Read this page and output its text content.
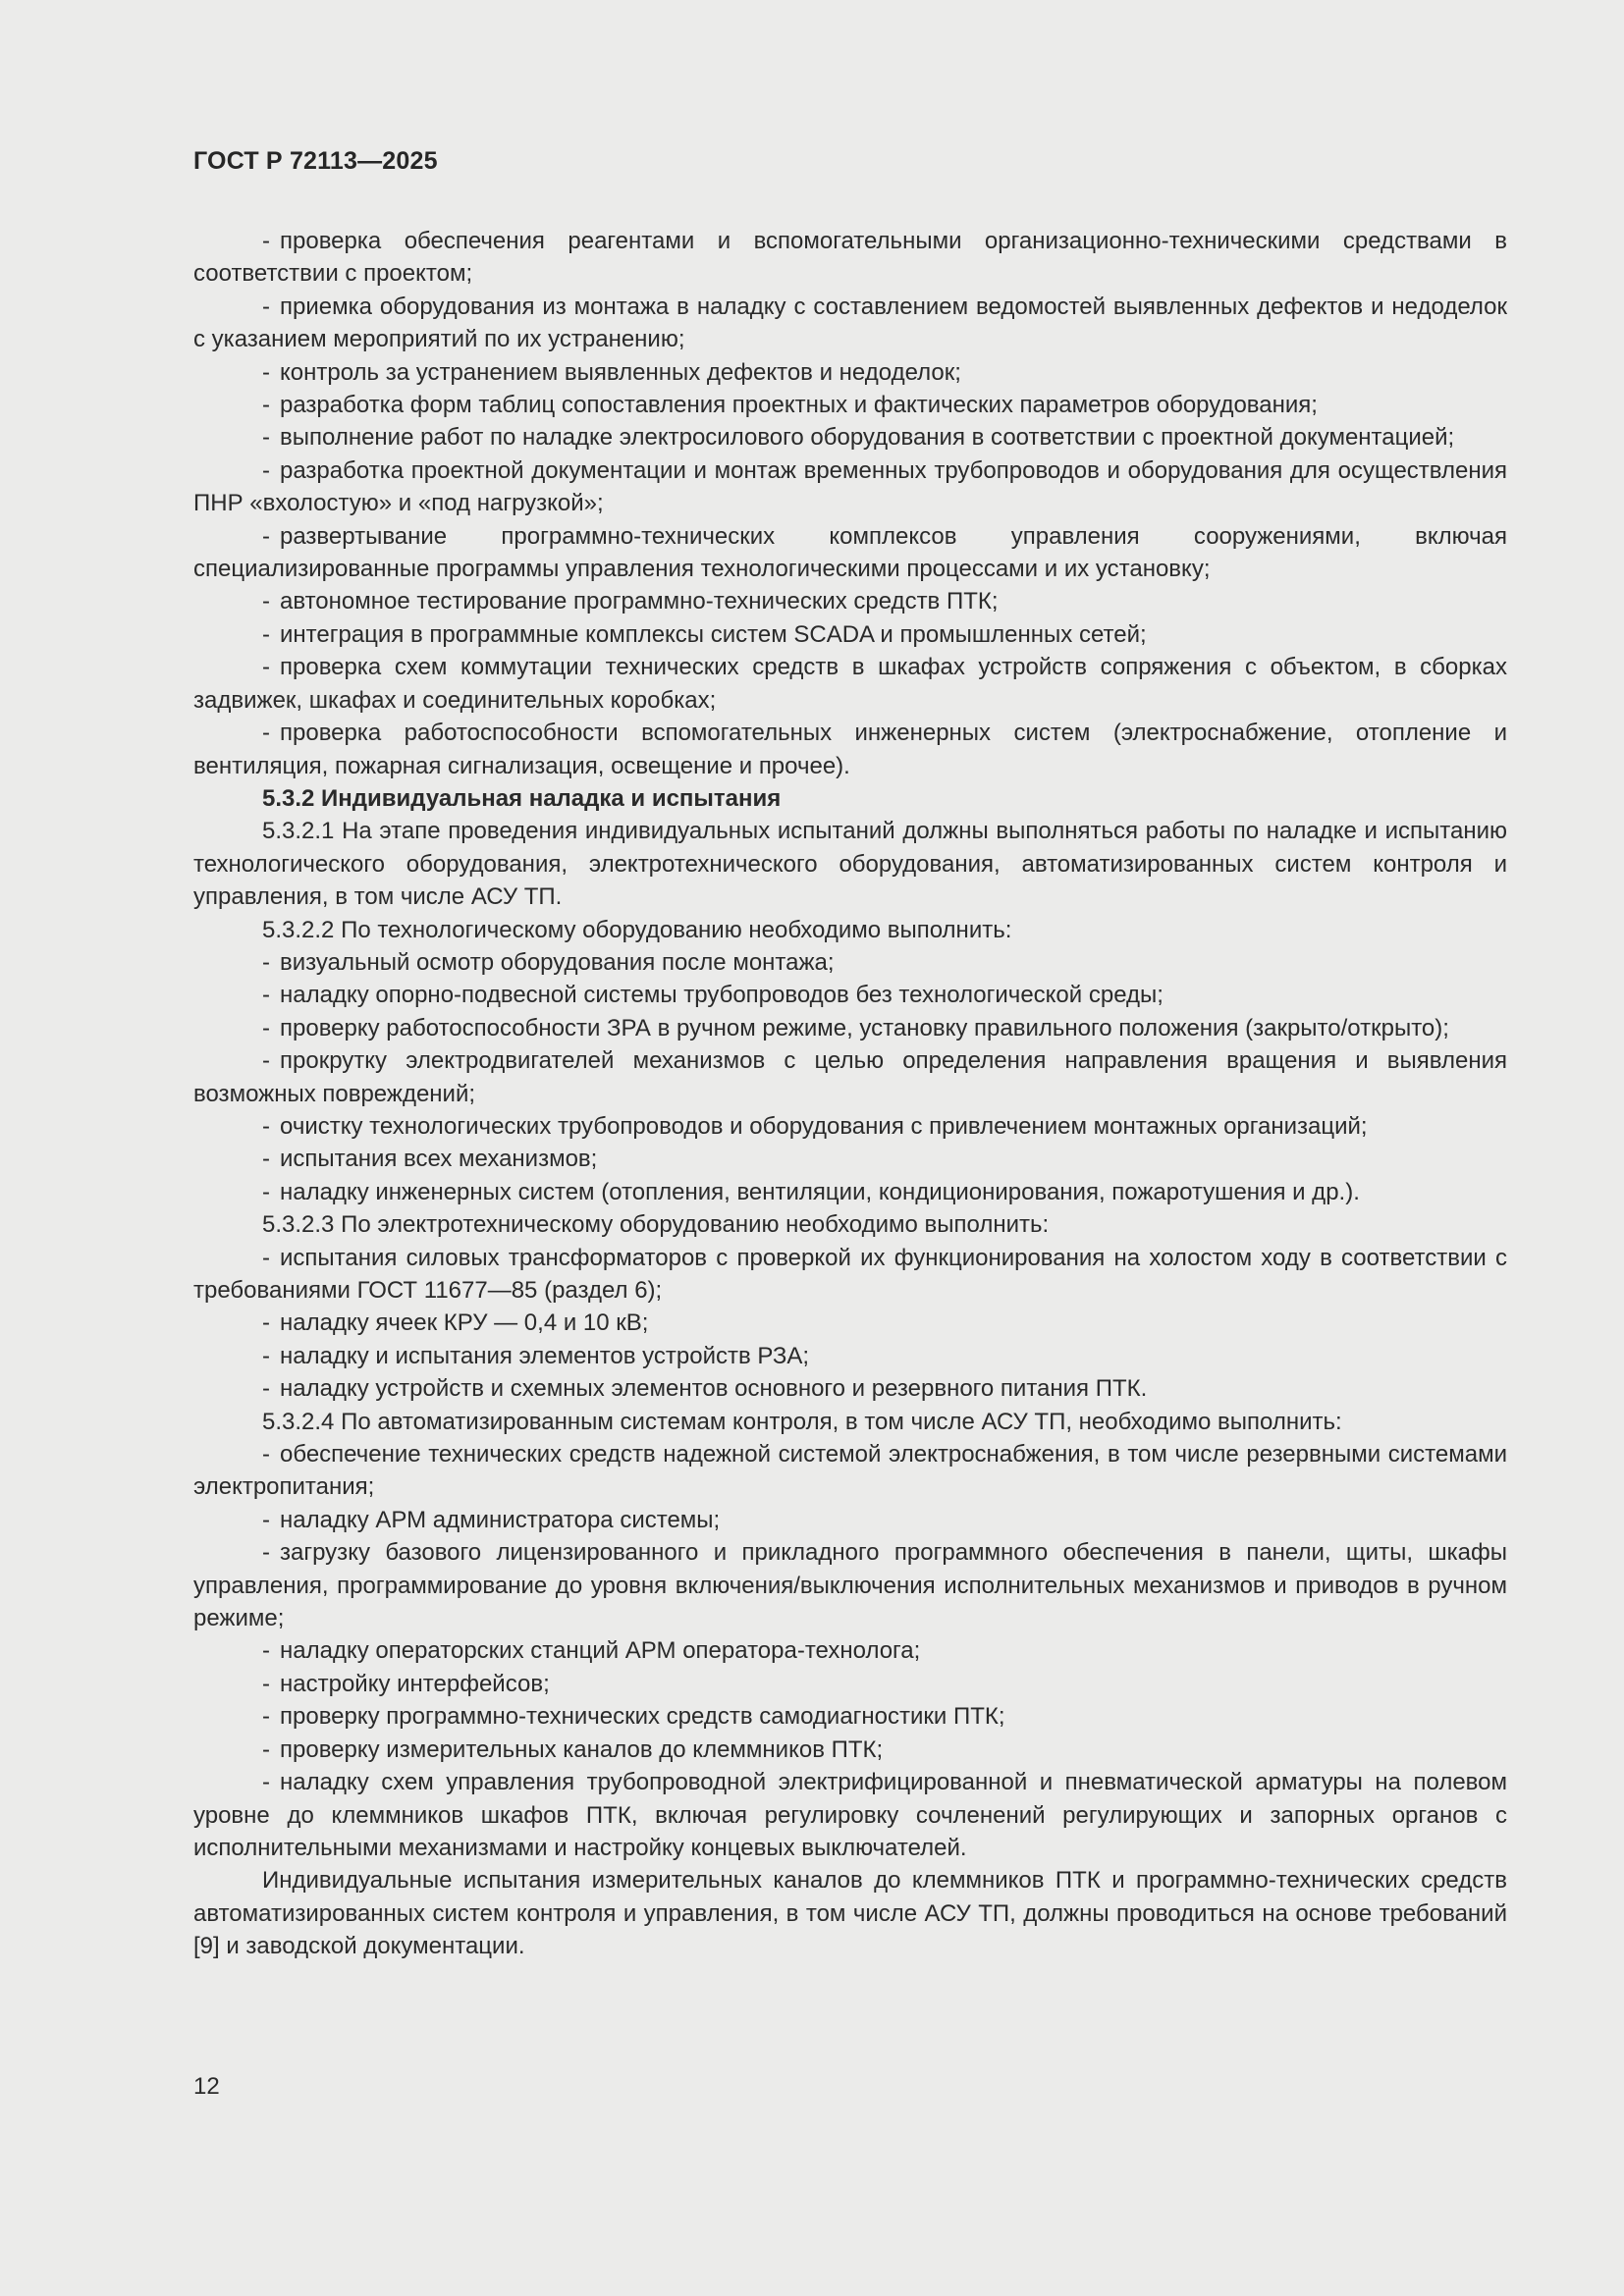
ГОСТ Р 72113—2025

- проверка обеспечения реагентами и вспомогательными организационно-техническими средствами в соответствии с проектом;

- приемка оборудования из монтажа в наладку с составлением ведомостей выявленных дефектов и недоделок с указанием мероприятий по их устранению;

- контроль за устранением выявленных дефектов и недоделок;

- разработка форм таблиц сопоставления проектных и фактических параметров оборудования;

- выполнение работ по наладке электросилового оборудования в соответствии с проектной документацией;

- разработка проектной документации и монтаж временных трубопроводов и оборудования для осуществления ПНР «вхолостую» и «под нагрузкой»;

- развертывание программно-технических комплексов управления сооружениями, включая специализированные программы управления технологическими процессами и их установку;

- автономное тестирование программно-технических средств ПТК;

- интеграция в программные комплексы систем SCADA и промышленных сетей;

- проверка схем коммутации технических средств в шкафах устройств сопряжения с объектом, в сборках задвижек, шкафах и соединительных коробках;

- проверка работоспособности вспомогательных инженерных систем (электроснабжение, отопление и вентиляция, пожарная сигнализация, освещение и прочее).

5.3.2 Индивидуальная наладка и испытания

5.3.2.1 На этапе проведения индивидуальных испытаний должны выполняться работы по наладке и испытанию технологического оборудования, электротехнического оборудования, автоматизированных систем контроля и управления, в том числе АСУ ТП.

5.3.2.2 По технологическому оборудованию необходимо выполнить:

- визуальный осмотр оборудования после монтажа;

- наладку опорно-подвесной системы трубопроводов без технологической среды;

- проверку работоспособности ЗРА в ручном режиме, установку правильного положения (закрыто/открыто);

- прокрутку электродвигателей механизмов с целью определения направления вращения и выявления возможных повреждений;

- очистку технологических трубопроводов и оборудования с привлечением монтажных организаций;

- испытания всех механизмов;

- наладку инженерных систем (отопления, вентиляции, кондиционирования, пожаротушения и др.).

5.3.2.3 По электротехническому оборудованию необходимо выполнить:

- испытания силовых трансформаторов с проверкой их функционирования на холостом ходу в соответствии с требованиями ГОСТ 11677—85 (раздел 6);

- наладку ячеек КРУ — 0,4 и 10 кВ;

- наладку и испытания элементов устройств РЗА;

- наладку устройств и схемных элементов основного и резервного питания ПТК.

5.3.2.4 По автоматизированным системам контроля, в том числе АСУ ТП, необходимо выполнить:

- обеспечение технических средств надежной системой электроснабжения, в том числе резервными системами электропитания;

- наладку АРМ администратора системы;

- загрузку базового лицензированного и прикладного программного обеспечения в панели, щиты, шкафы управления, программирование до уровня включения/выключения исполнительных механизмов и приводов в ручном режиме;

- наладку операторских станций АРМ оператора-технолога;

- настройку интерфейсов;

- проверку программно-технических средств самодиагностики ПТК;

- проверку измерительных каналов до клеммников ПТК;

- наладку схем управления трубопроводной электрифицированной и пневматической арматуры на полевом уровне до клеммников шкафов ПТК, включая регулировку сочленений регулирующих и запорных органов с исполнительными механизмами и настройку концевых выключателей.

Индивидуальные испытания измерительных каналов до клеммников ПТК и программно-технических средств автоматизированных систем контроля и управления, в том числе АСУ ТП, должны проводиться на основе требований [9] и заводской документации.

12
